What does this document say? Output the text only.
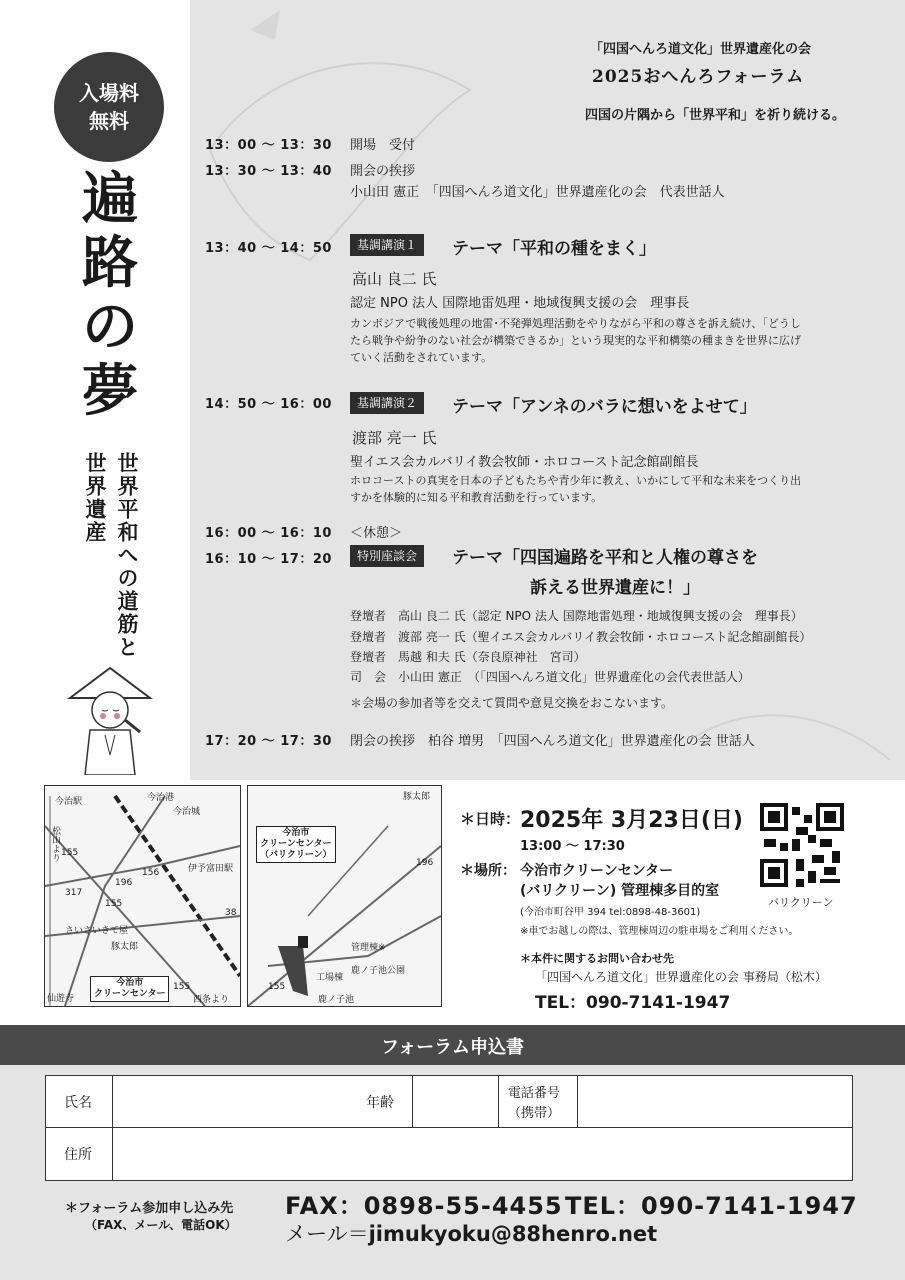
入場料
無料
遍
路
の
夢
世界平和への道筋と
世界遺産
「四国へんろ道文化」世界遺産化の会
2025おへんろフォーラム
四国の片隅から「世界平和」を祈り続ける。
13：00 〜 13：30 開場　受付
13：30 〜 13：40 開会の挨拶
小山田 憲正　「四国へんろ道文化」世界遺産化の会　代表世話人
13：40 〜 14：50	基調講演１	テーマ「平和の種をまく」
高山 良二 氏
認定 NPO 法人 国際地雷処理・地域復興支援の会　理事長
カンボジアで戦後処理の地雷･不発弾処理活動をやりながら平和の尊さを訴え続け、「どうし
たら戦争や紛争のない社会が構築できるか」という現実的な平和構築の種まきを世界に広げ
ていく活動をされています。
14：50 〜 16：00	基調講演２	テーマ「アンネのバラに想いをよせて」
渡部 亮一 氏
聖イエス会カルバリイ教会牧師・ホロコースト記念館副館長
ホロコーストの真実を日本の子どもたちや青少年に教え、いかにして平和な未来をつくり出
すかを体験的に知る平和教育活動を行っています。
16：00 〜 16：10 ＜休憩＞
16：10 〜 17：20	特別座談会	テーマ「四国遍路を平和と人権の尊さを
訴える世界遺産に！」
登壇者　高山 良二 氏（認定 NPO 法人 国際地雷処理・地域復興支援の会　理事長）
登壇者　渡部 亮一 氏（聖イエス会カルバリイ教会牧師・ホロコースト記念館副館長）
登壇者　馬越 和夫 氏（奈良原神社　宮司）
司　会　小山田 憲正　（「四国へんろ道文化」世界遺産化の会代表世話人）
＊会場の参加者等を交えて質問や意見交換をおこないます。
17：20 〜 17：30 閉会の挨拶　柏谷 増男　「四国へんろ道文化」世界遺産化の会 世話人
今治駅	今治港
今治城
松山より
伊予富田駅
さいさいきて屋
豚太郎
仙遊寺	西条より
155
156
196
317
155
38
155
今治市
クリーンセンター
豚太郎
管理棟※
鹿ノ子池公園
工場棟
鹿ノ子池
196
155
今治市
クリーンセンター
（バリクリーン）
＊日時： 2025年 3月23日(日)
13:00 〜 17:30
＊場所： 今治市クリーンセンター
(バリクリーン) 管理棟多目的室
(今治市町谷甲 394 tel:0898-48-3601)
※車でお越しの際は、管理棟周辺の駐車場をご利用ください。
＊本件に関するお問い合わせ先
「四国へんろ道文化」世界遺産化の会 事務局（松木）
TEL：090-7141-1947
バリクリーン
フォーラム申込書
氏名	年齢
電話番号
（携帯）
住所
＊フォーラム参加申し込み先
（FAX、メール、電話OK）
FAX：0898-55-4455 TEL：090-7141-1947
メール＝jimukyoku@88henro.net
